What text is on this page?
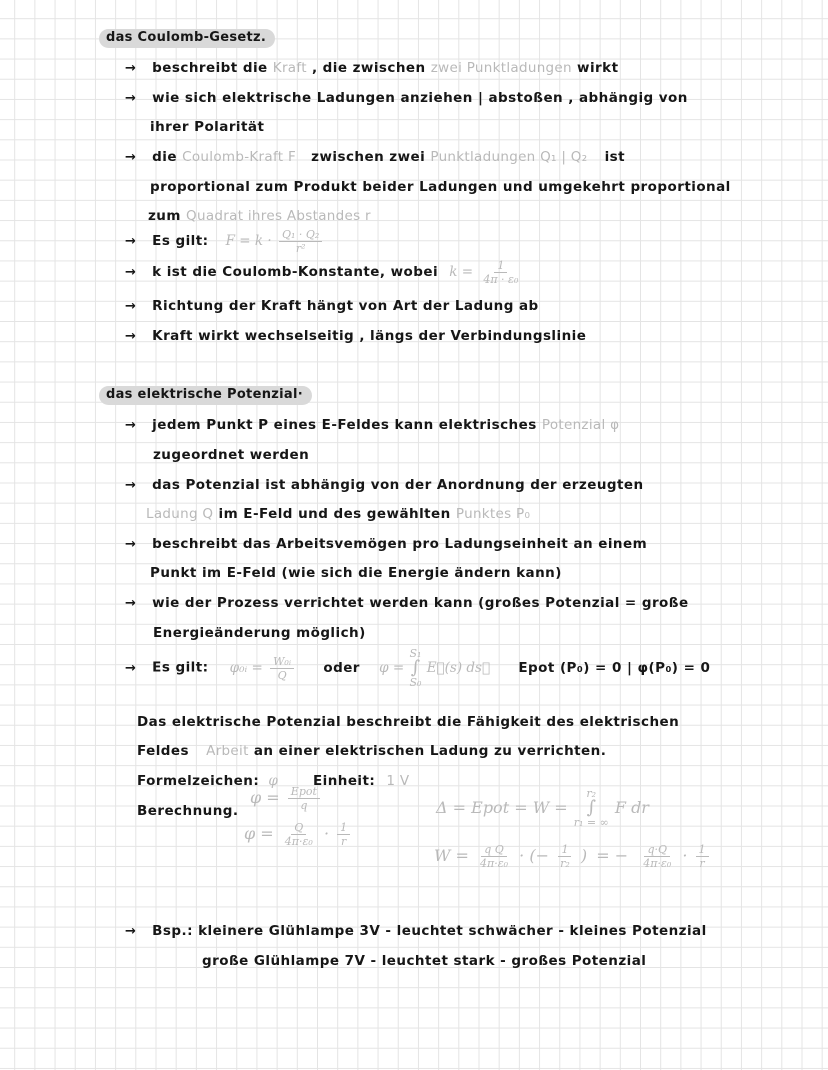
das Coulomb-Gesetz.
→ beschreibt die Kraft , die zwischen zwei Punktladungen wirkt
→ wie sich elektrische Ladungen anziehen | abstoßen , abhängig von
ihrer Polarität
→ die Coulomb-Kraft F zwischen zwei Punktladungen Q₁ | Q₂ ist
proportional zum Produkt beider Ladungen und umgekehrt proportional
zum Quadrat ihres Abstandes r
→ Es gilt: $F = k \cdot \frac{\text{Q₁ · Q₂}}{\text{r²}}$
→ k ist die Coulomb-Konstante, wobei $k = \frac{1}{\text{4π · ε₀}}$
→ Richtung der Kraft hängt von Art der Ladung ab
→ Kraft wirkt wechselseitig , längs der Verbindungslinie
das elektrische Potenzial·
→ jedem Punkt P eines E-Feldes kann elektrisches Potenzial φ
zugeordnet werden
→ das Potenzial ist abhängig von der Anordnung der erzeugten
Ladung Q im E-Feld und des gewählten Punktes P₀
→ beschreibt das Arbeitsvemögen pro Ladungseinheit an einem
Punkt im E-Feld (wie sich die Energie ändern kann)
→ wie der Prozess verrichtet werden kann (großes Potenzial = große
Energieänderung möglich)
→ Es gilt: φ₀ᵢ = $\frac{\text{W₀ᵢ}}{Q}$ oder φ =
S₁
∫
S₀
E⃗(s) ds⃗ Epot (P₀) = 0 | φ(P₀) = 0
Das elektrische Potenzial beschreibt die Fähigkeit des elektrischen
Feldes Arbeit an einer elektrischen Ladung zu verrichten.
Formelzeichen: φ	Einheit: 1 V
Berechnung.
$\varphi = \frac{\text{Epot}}{q}$
$\varphi = \frac{Q}{\text{4π·ε₀}} \cdot \frac{1}{r}$
Δ = Epot = W =
r₂
∫
r₁ = ∞
F dr
$W = \frac{\text{q Q}}{\text{4π·ε₀}}$ · (− $\frac{1}{\text{r₂}}$ ) = − $\frac{q\cdot Q}{\text{4π·ε₀}} \cdot \frac{1}{r}$
→ Bsp.: kleinere Glühlampe 3V - leuchtet schwächer - kleines Potenzial
große Glühlampe 7V - leuchtet stark - großes Potenzial
